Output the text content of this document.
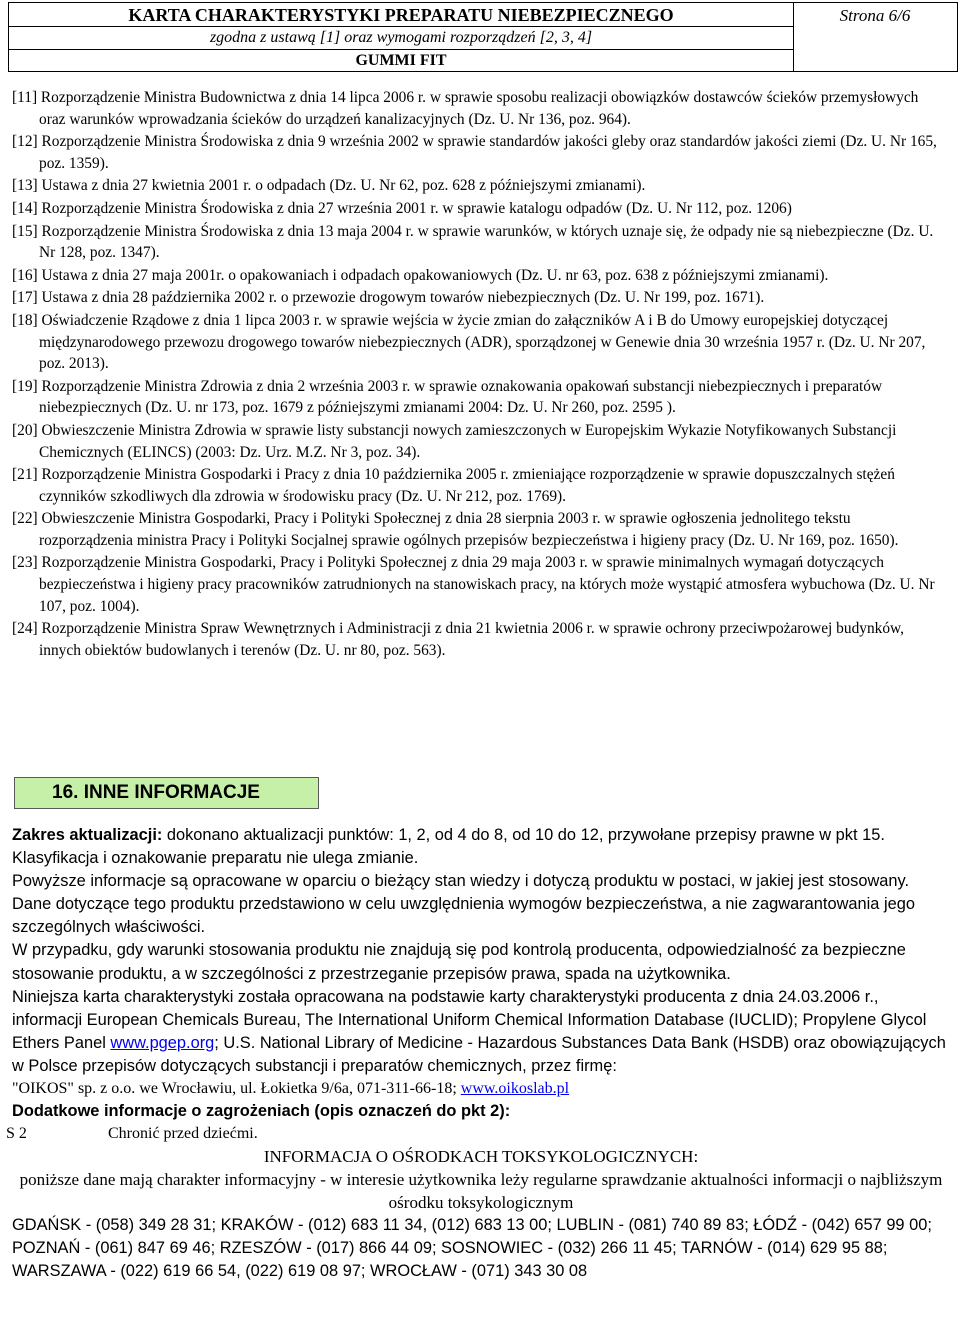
KARTA CHARAKTERYSTYKI PREPARATU NIEBEZPIECZNEGO
zgodna z ustawą [1] oraz wymogami rozporządzeń [2, 3, 4]
GUMMI FIT
Strona 6/6

[11] Rozporządzenie Ministra Budownictwa z dnia 14 lipca 2006 r. w sprawie sposobu realizacji obowiązków dostawców ścieków przemysłowych oraz warunków wprowadzania ścieków do urządzeń kanalizacyjnych (Dz. U. Nr 136, poz. 964).

[12] Rozporządzenie Ministra Środowiska z dnia 9 września 2002 w sprawie standardów jakości gleby oraz standardów jakości ziemi (Dz. U. Nr 165, poz. 1359).

[13] Ustawa z dnia 27 kwietnia 2001 r. o odpadach (Dz. U. Nr 62, poz. 628 z późniejszymi zmianami).

[14] Rozporządzenie Ministra Środowiska z dnia 27 września 2001 r. w sprawie katalogu odpadów (Dz. U. Nr 112, poz. 1206)

[15] Rozporządzenie Ministra Środowiska z dnia 13 maja 2004 r. w sprawie warunków, w których uznaje się, że odpady nie są niebezpieczne (Dz. U. Nr 128, poz. 1347).

[16] Ustawa z dnia 27 maja 2001r. o opakowaniach i odpadach opakowaniowych (Dz. U. nr 63, poz. 638 z późniejszymi zmianami).

[17] Ustawa z dnia 28 października 2002 r. o przewozie drogowym towarów niebezpiecznych (Dz. U. Nr 199, poz. 1671).

[18] Oświadczenie Rządowe z dnia 1 lipca 2003 r. w sprawie wejścia w życie zmian do załączników A i B do Umowy europejskiej dotyczącej międzynarodowego przewozu drogowego towarów niebezpiecznych (ADR), sporządzonej w Genewie dnia 30 września 1957 r. (Dz. U. Nr 207, poz. 2013).

[19] Rozporządzenie Ministra Zdrowia z dnia 2 września 2003 r. w sprawie oznakowania opakowań substancji niebezpiecznych i preparatów niebezpiecznych (Dz. U. nr 173, poz. 1679 z późniejszymi zmianami 2004: Dz. U. Nr 260, poz. 2595 ).

[20] Obwieszczenie Ministra Zdrowia w sprawie listy substancji nowych zamieszczonych w Europejskim Wykazie Notyfikowanych Substancji Chemicznych (ELINCS) (2003: Dz. Urz. M.Z. Nr 3, poz. 34).

[21] Rozporządzenie Ministra Gospodarki i Pracy z dnia 10 października 2005 r. zmieniające rozporządzenie w sprawie dopuszczalnych stężeń czynników szkodliwych dla zdrowia w środowisku pracy (Dz. U. Nr 212, poz. 1769).

[22] Obwieszczenie Ministra Gospodarki, Pracy i Polityki Społecznej z dnia 28 sierpnia 2003 r. w sprawie ogłoszenia jednolitego tekstu rozporządzenia ministra Pracy i Polityki Socjalnej sprawie ogólnych przepisów bezpieczeństwa i higieny pracy (Dz. U. Nr 169, poz. 1650).

[23] Rozporządzenie Ministra Gospodarki, Pracy i Polityki Społecznej z dnia 29 maja 2003 r. w sprawie minimalnych wymagań dotyczących bezpieczeństwa i higieny pracy pracowników zatrudnionych na stanowiskach pracy, na których może wystąpić atmosfera wybuchowa (Dz. U. Nr 107, poz. 1004).

[24] Rozporządzenie Ministra Spraw Wewnętrznych i Administracji z dnia 21 kwietnia 2006 r. w sprawie ochrony przeciwpożarowej budynków, innych obiektów budowlanych i terenów (Dz. U. nr 80, poz. 563).

16. INNE INFORMACJE

Zakres aktualizacji: dokonano aktualizacji punktów: 1, 2, od 4 do 8, od 10 do 12, przywołane przepisy prawne w pkt 15. Klasyfikacja i oznakowanie preparatu nie ulega zmianie.

Powyższe informacje są opracowane w oparciu o bieżący stan wiedzy i dotyczą produktu w postaci, w jakiej jest stosowany. Dane dotyczące tego produktu przedstawiono w celu uwzględnienia wymogów bezpieczeństwa, a nie zagwarantowania jego szczególnych właściwości.

W przypadku, gdy warunki stosowania produktu nie znajdują się pod kontrolą producenta, odpowiedzialność za bezpieczne stosowanie produktu, a w szczególności z przestrzeganie przepisów prawa, spada na użytkownika.

Niniejsza karta charakterystyki została opracowana na podstawie karty charakterystyki producenta z dnia 24.03.2006 r., informacji European Chemicals Bureau, The International Uniform Chemical Information Database (IUCLID); Propylene Glycol Ethers Panel www.pgep.org; U.S. National Library of Medicine - Hazardous Substances Data Bank (HSDB) oraz obowiązujących w Polsce przepisów dotyczących substancji i preparatów chemicznych, przez firmę:

"OIKOS" sp. z o.o. we Wrocławiu, ul. Łokietka 9/6a, 071-311-66-18; www.oikoslab.pl

Dodatkowe informacje o zagrożeniach (opis oznaczeń do pkt 2):

S 2	Chronić przed dziećmi.

INFORMACJA O OŚRODKACH TOKSYKOLOGICZNYCH:

poniższe dane mają charakter informacyjny - w interesie użytkownika leży regularne sprawdzanie aktualności informacji o najbliższym ośrodku toksykologicznym

GDAŃSK - (058) 349 28 31; KRAKÓW - (012) 683 11 34, (012) 683 13 00; LUBLIN - (081) 740 89 83; ŁÓDŹ - (042) 657 99 00; POZNAŃ - (061) 847 69 46; RZESZÓW - (017) 866 44 09; SOSNOWIEC - (032) 266 11 45; TARNÓW - (014) 629 95 88; WARSZAWA - (022) 619 66 54, (022) 619 08 97; WROCŁAW - (071) 343 30 08
